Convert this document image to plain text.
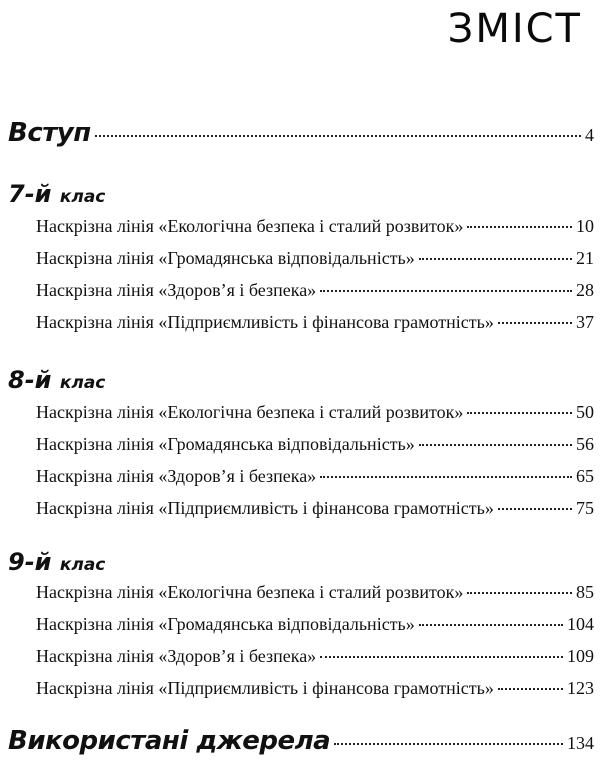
ЗМІСТ
Вступ	4
7-й клас
Наскрізна лінія «Екологічна безпека і сталий розвиток»	10
Наскрізна лінія «Громадянська відповідальність»	21
Наскрізна лінія «Здоров’я і безпека»	28
Наскрізна лінія «Підприємливість і фінансова грамотність»	37
8-й клас
Наскрізна лінія «Екологічна безпека і сталий розвиток»	50
Наскрізна лінія «Громадянська відповідальність»	56
Наскрізна лінія «Здоров’я і безпека»	65
Наскрізна лінія «Підприємливість і фінансова грамотність»	75
9-й клас
Наскрізна лінія «Екологічна безпека і сталий розвиток»	85
Наскрізна лінія «Громадянська відповідальність»	104
Наскрізна лінія «Здоров’я і безпека»	109
Наскрізна лінія «Підприємливість і фінансова грамотність»	123
Використані джерела	134
